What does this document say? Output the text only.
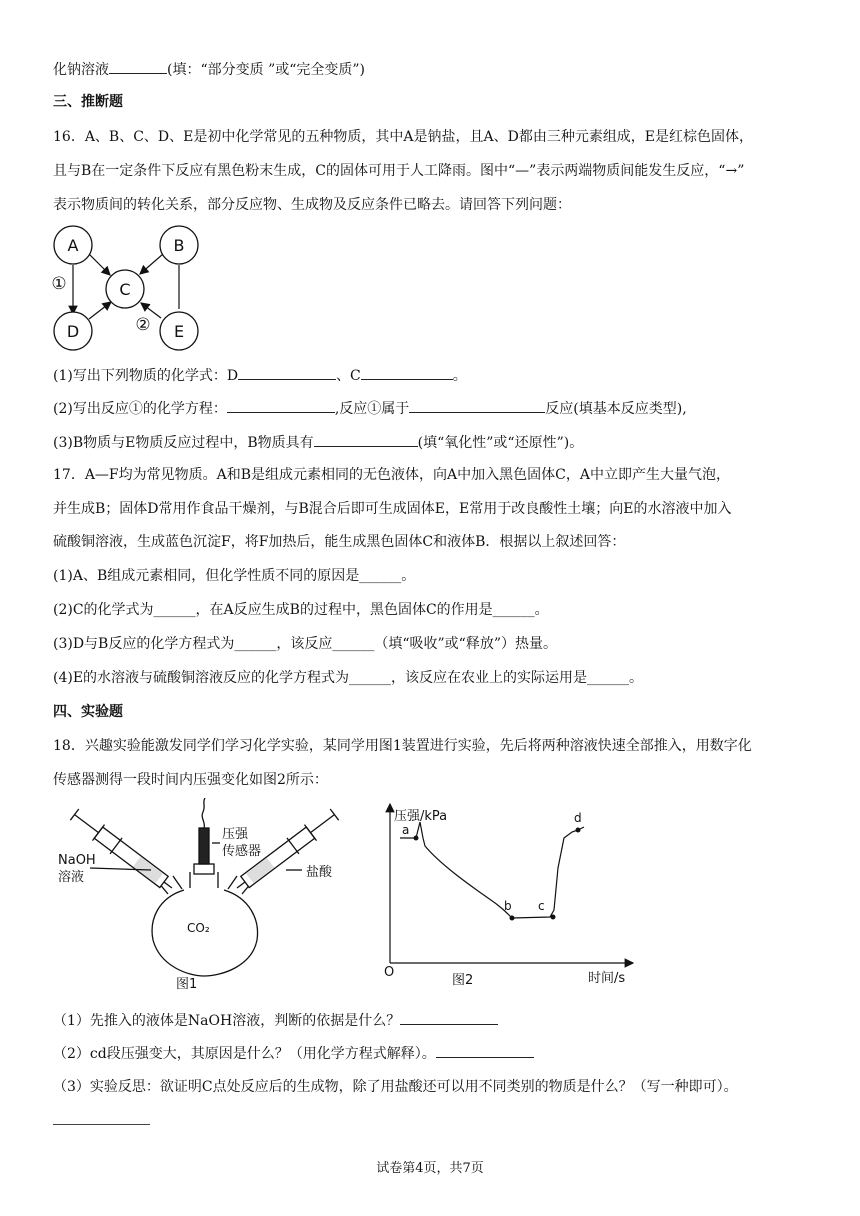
化钠溶液	(填：“部分变质 ”或“完全变质”)
三、推断题
16．A、B、C、D、E是初中化学常见的五种物质，其中A是钠盐，且A、D都由三种元素组成，E是红棕色固体，
且与B在一定条件下反应有黑色粉末生成，C的固体可用于人工降雨。图中“—”表示两端物质间能发生反应，“→”
表示物质间的转化关系，部分反应物、生成物及反应条件已略去。请回答下列问题：
A	B
C
D	E
①
②
(1)写出下列物质的化学式：D	、C	。
(2)写出反应①的化学方程：	,反应①属于	反应(填基本反应类型),
(3)B物质与E物质反应过程中，B物质具有	(填“氧化性”或“还原性”)。
17．A—F均为常见物质。A和B是组成元素相同的无色液体，向A中加入黑色固体C，A中立即产生大量气泡，
并生成B；固体D常用作食品干燥剂，与B混合后即可生成固体E，E常用于改良酸性土壤；向E的水溶液中加入
硫酸铜溶液，生成蓝色沉淀F，将F加热后，能生成黑色固体C和液体B．根据以上叙述回答：
(1)A、B组成元素相同，但化学性质不同的原因是______。
(2)C的化学式为______，在A反应生成B的过程中，黑色固体C的作用是______。
(3)D与B反应的化学方程式为______，该反应______（填“吸收”或“释放”）热量。
(4)E的水溶液与硫酸铜溶液反应的化学方程式为______，该反应在农业上的实际运用是______。
四、实验题
18．兴趣实验能激发同学们学习化学实验，某同学用图1装置进行实验，先后将两种溶液快速全部推入，用数字化
传感器测得一段时间内压强变化如图2所示：
NaOH
溶液
压强
传感器
盐酸
CO₂
图1
压强/kPa
a
b c
d
O
图2	时间/s
（1）先推入的液体是NaOH溶液，判断的依据是什么？
（2）cd段压强变大，其原因是什么？（用化学方程式解释）。
（3）实验反思：欲证明C点处反应后的生成物，除了用盐酸还可以用不同类别的物质是什么？（写一种即可）。
试卷第4页，共7页
